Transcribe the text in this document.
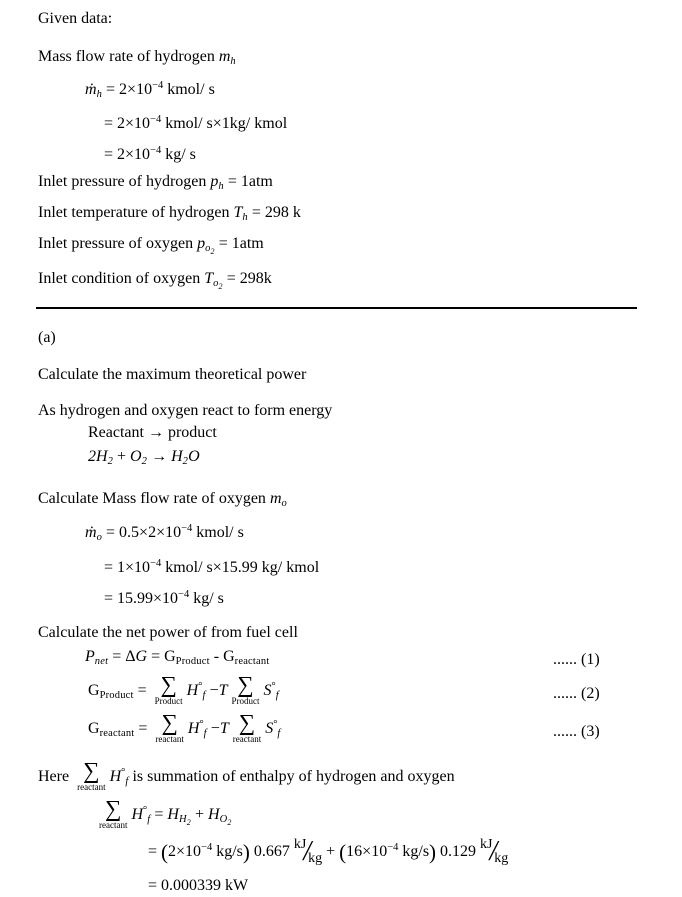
Given data:
Mass flow rate of hydrogen mh
ṁh = $2\times 10^{-4}$ kmol/ s
= $2\times 10^{-4}$ kmol/ s×1kg/ kmol
= $2\times 10^{-4}$ kg/ s
Inlet pressure of hydrogen ph = 1atm
Inlet temperature of hydrogen Th = 298 k
Inlet pressure of oxygen $po_2 = 1atm$
Inlet condition of oxygen $To_2 = 298k$
(a)
Calculate the maximum theoretical power
As hydrogen and oxygen react to form energy
Reactant → product
2H2 + O2 → H2O
Calculate Mass flow rate of oxygen mo
ṁo = $0.5\times 2\times 10^{-4}$ kmol/ s
= $1\times 10^{-4}$ kmol/ s×15.99 kg/ kmol
= $15.99\times 10^{-4}$ kg/ s
Calculate the net power of from fuel cell
Pnet = ΔG = GProduct - Greactant	...... (1)
GProduct = ∑
Product
H°f −T ∑
Product
S°f	...... (2)
Greactant = ∑
reactant
H°f −T ∑
reactant
S°f	...... (3)
Here ∑
reactant
H°f is summation of enthalpy of hydrogen and oxygen
∑
reactant
$H^\circ f = HH_2 + HO_2$
= ($2\times 10^{-4}$ kg/s) 0.667 kJ
/
kg + ($16\times 10^{-4}$ kg/s) 0.129 kJ
/
kg
= 0.000339 kW
